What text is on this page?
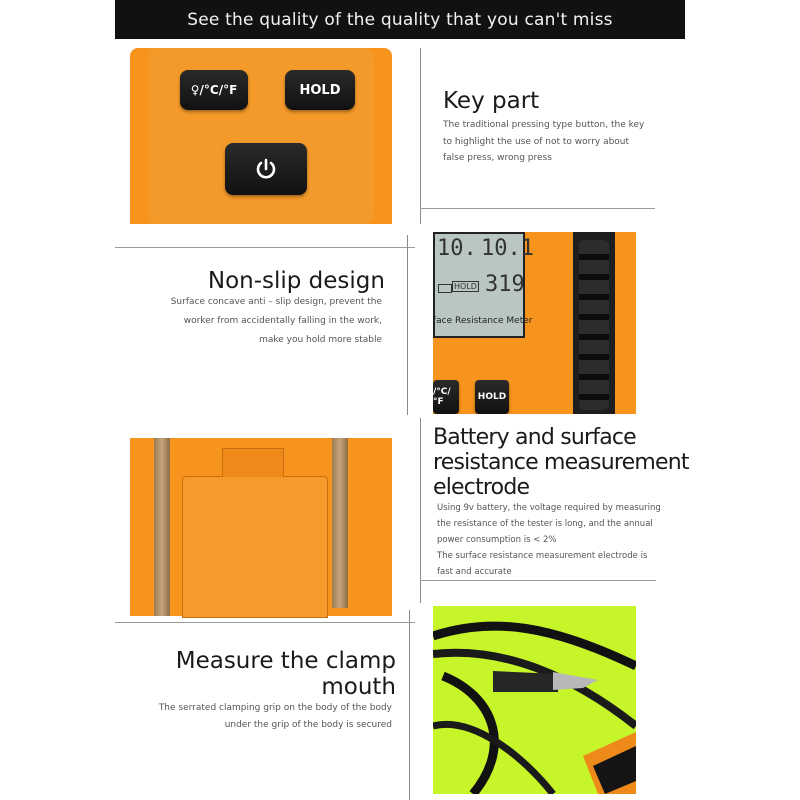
See the quality of the quality that you can't miss
♀/°C/°F	HOLD	Key part
The traditional pressing type button, the key
to highlight the use of not to worry about
false press, wrong press
Non-slip design
Surface concave anti – slip design, prevent the
worker from accidentally falling in the work,
make you hold more stable
10. 10.1
HOLD 319
face Resistance Meter
/°C/°F	HOLD
Battery and surface
resistance measurement
electrode
Using 9v battery, the voltage required by measuring
the resistance of the tester is long, and the annual
power consumption is < 2%
The surface resistance measurement electrode is
fast and accurate
Measure the clamp
mouth
The serrated clamping grip on the body of the body
under the grip of the body is secured
